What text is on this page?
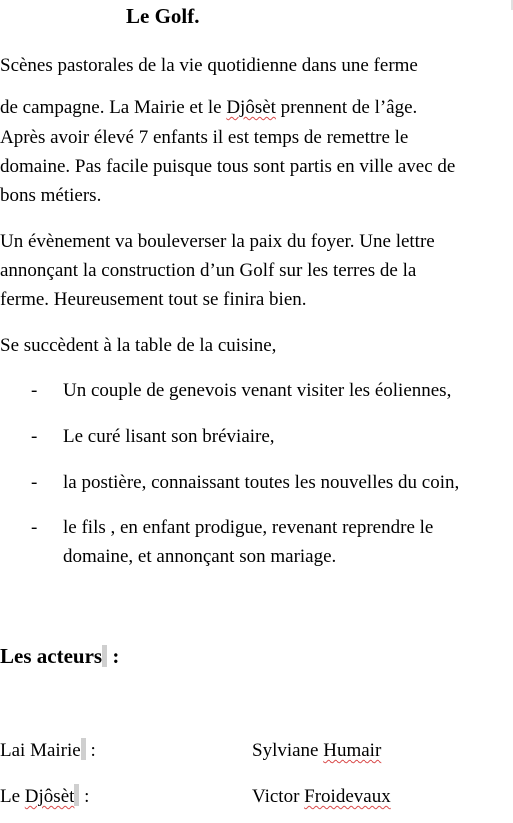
Le Golf.
Scènes pastorales de la vie quotidienne dans une ferme
de campagne. La Mairie et le Djôsèt prennent de l’âge.
Après avoir élevé 7 enfants il est temps de remettre le
domaine. Pas facile puisque tous sont partis en ville avec de
bons métiers.
Un évènement va bouleverser la paix du foyer. Une lettre
annonçant la construction d’un Golf sur les terres de la
ferme. Heureusement tout se finira bien.
Se succèdent à la table de la cuisine,
- Un couple de genevois venant visiter les éoliennes,
- Le curé lisant son bréviaire,
- la postière, connaissant toutes les nouvelles du coin,
- le fils , en enfant prodigue, revenant reprendre le
domaine, et annonçant son mariage.
Les acteurs :
Lai Mairie :	Sylviane Humair
Le Djôsèt :	Victor Froidevaux
